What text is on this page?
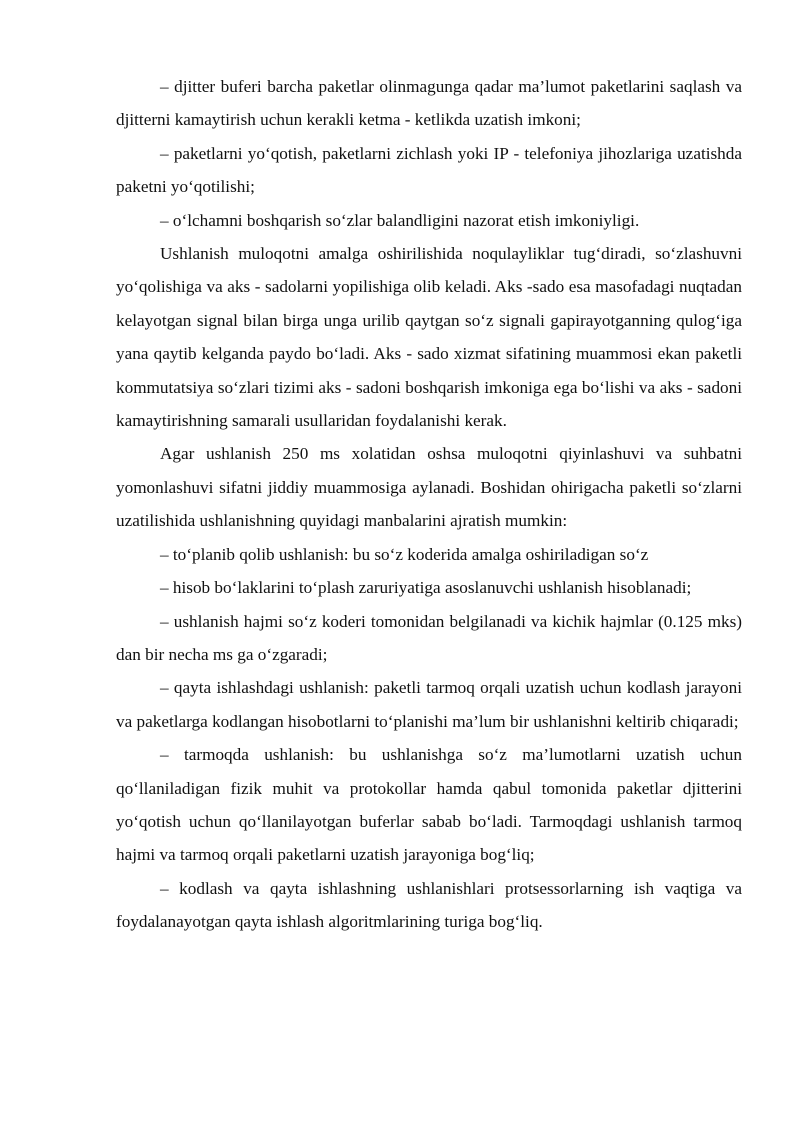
– djitter buferi barcha paketlar olinmagunga qadar ma’lumot paketlarini saqlash va djitterni kamaytirish uchun kerakli ketma - ketlikda uzatish imkoni;

– paketlarni yo‘qotish, paketlarni zichlash yoki IP - telefoniya jihozlariga uzatishda paketni yo‘qotilishi;

– o‘lchamni boshqarish so‘zlar balandligini nazorat etish imkoniyligi.

Ushlanish muloqotni amalga oshirilishida noqulayliklar tug‘diradi, so‘zlashuvni yo‘qolishiga va aks - sadolarni yopilishiga olib keladi. Aks -sado esa masofadagi nuqtadan kelayotgan signal bilan birga unga urilib qaytgan so‘z signali gapirayotganning qulog‘iga yana qaytib kelganda paydo bo‘ladi. Aks - sado xizmat sifatining muammosi ekan paketli kommutatsiya so‘zlari tizimi aks - sadoni boshqarish imkoniga ega bo‘lishi va aks - sadoni kamaytirishning samarali usullaridan foydalanishi kerak.

Agar ushlanish 250 ms xolatidan oshsa muloqotni qiyinlashuvi va suhbatni yomonlashuvi sifatni jiddiy muammosiga aylanadi. Boshidan ohirigacha paketli so‘zlarni uzatilishida ushlanishning quyidagi manbalarini ajratish mumkin:

– to‘planib qolib ushlanish: bu so‘z koderida amalga oshiriladigan so‘z

– hisob bo‘laklarini to‘plash zaruriyatiga asoslanuvchi ushlanish hisoblanadi;

– ushlanish hajmi so‘z koderi tomonidan belgilanadi va kichik hajmlar (0.125 mks) dan bir necha ms ga o‘zgaradi;

– qayta ishlashdagi ushlanish: paketli tarmoq orqali uzatish uchun kodlash jarayoni va paketlarga kodlangan hisobotlarni to‘planishi ma’lum bir ushlanishni keltirib chiqaradi;

– tarmoqda ushlanish: bu ushlanishga so‘z ma’lumotlarni uzatish uchun qo‘llaniladigan fizik muhit va protokollar hamda qabul tomonida paketlar djitterini yo‘qotish uchun qo‘llanilayotgan buferlar sabab bo‘ladi. Tarmoqdagi ushlanish tarmoq hajmi va tarmoq orqali paketlarni uzatish jarayoniga bog‘liq;

– kodlash va qayta ishlashning ushlanishlari protsessorlarning ish vaqtiga va foydalanayotgan qayta ishlash algoritmlarining turiga bog‘liq.
